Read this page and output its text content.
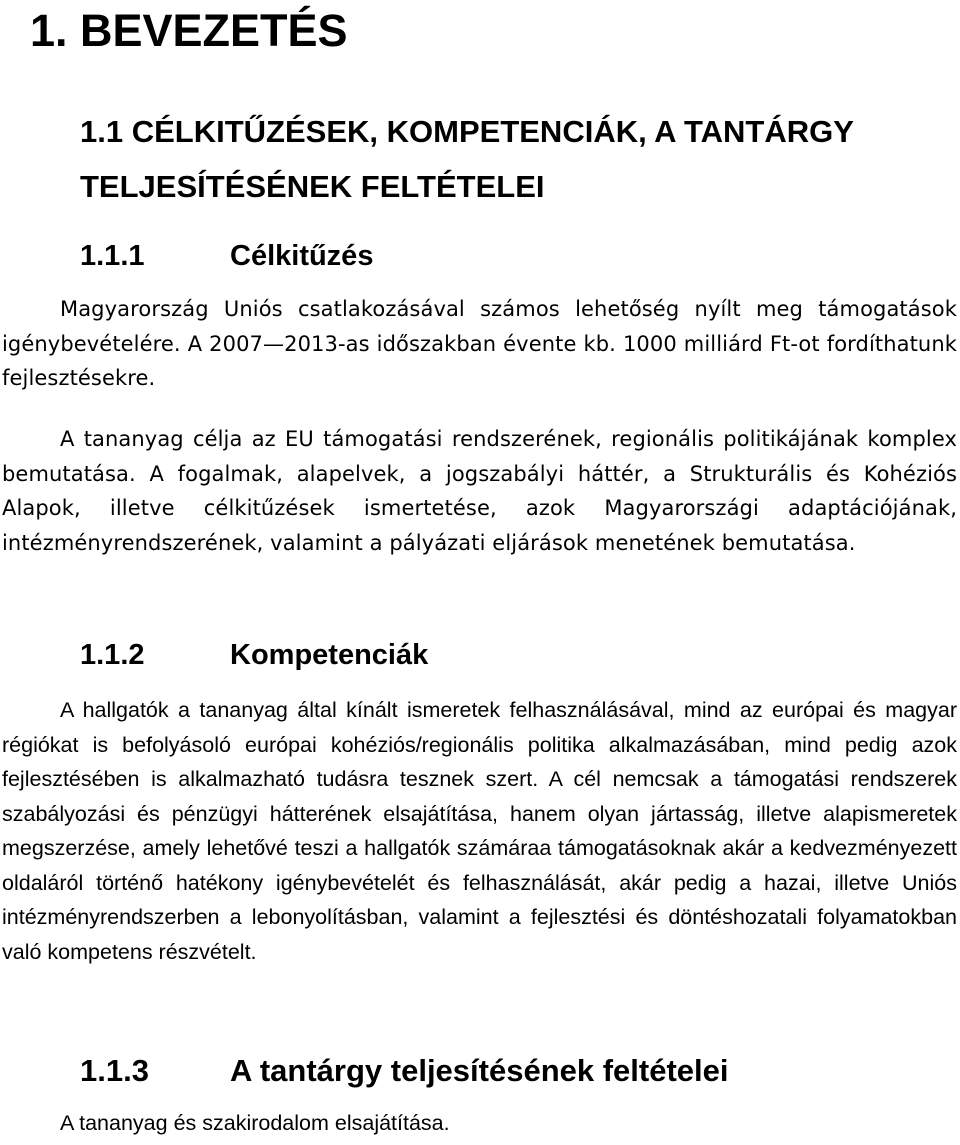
1. BEVEZETÉS
1.1 CÉLKITŰZÉSEK, KOMPETENCIÁK, A TANTÁRGY TELJESÍTÉSÉNEK FELTÉTELEI
1.1.1	Célkitűzés

Magyarország Uniós csatlakozásával számos lehetőség nyílt meg támogatások igénybevételére. A 2007—2013-as időszakban évente kb. 1000 milliárd Ft-ot fordíthatunk fejlesztésekre.

A tananyag célja az EU támogatási rendszerének, regionális politikájának komplex bemutatása. A fogalmak, alapelvek, a jogszabályi háttér, a Strukturális és Kohéziós Alapok, illetve célkitűzések ismertetése, azok Magyarországi adaptációjának, intézményrendszerének, valamint a pályázati eljárások menetének bemutatása.

1.1.2	Kompetenciák

A hallgatók a tananyag által kínált ismeretek felhasználásával, mind az európai és magyar régiókat is befolyásoló európai kohéziós/regionális politika alkalmazásában, mind pedig azok fejlesztésében is alkalmazható tudásra tesznek szert. A cél nemcsak a támogatási rendszerek szabályozási és pénzügyi hátterének elsajátítása, hanem olyan jártasság, illetve alapismeretek megszerzése, amely lehetővé teszi a hallgatók számáraa támogatásoknak akár a kedvezményezett oldaláról történő hatékony igénybevételét és felhasználását, akár pedig a hazai, illetve Uniós intézményrendszerben a lebonyolításban, valamint a fejlesztési és döntéshozatali folyamatokban való kompetens részvételt.

1.1.3	A tantárgy teljesítésének feltételei

A tananyag és szakirodalom elsajátítása.
